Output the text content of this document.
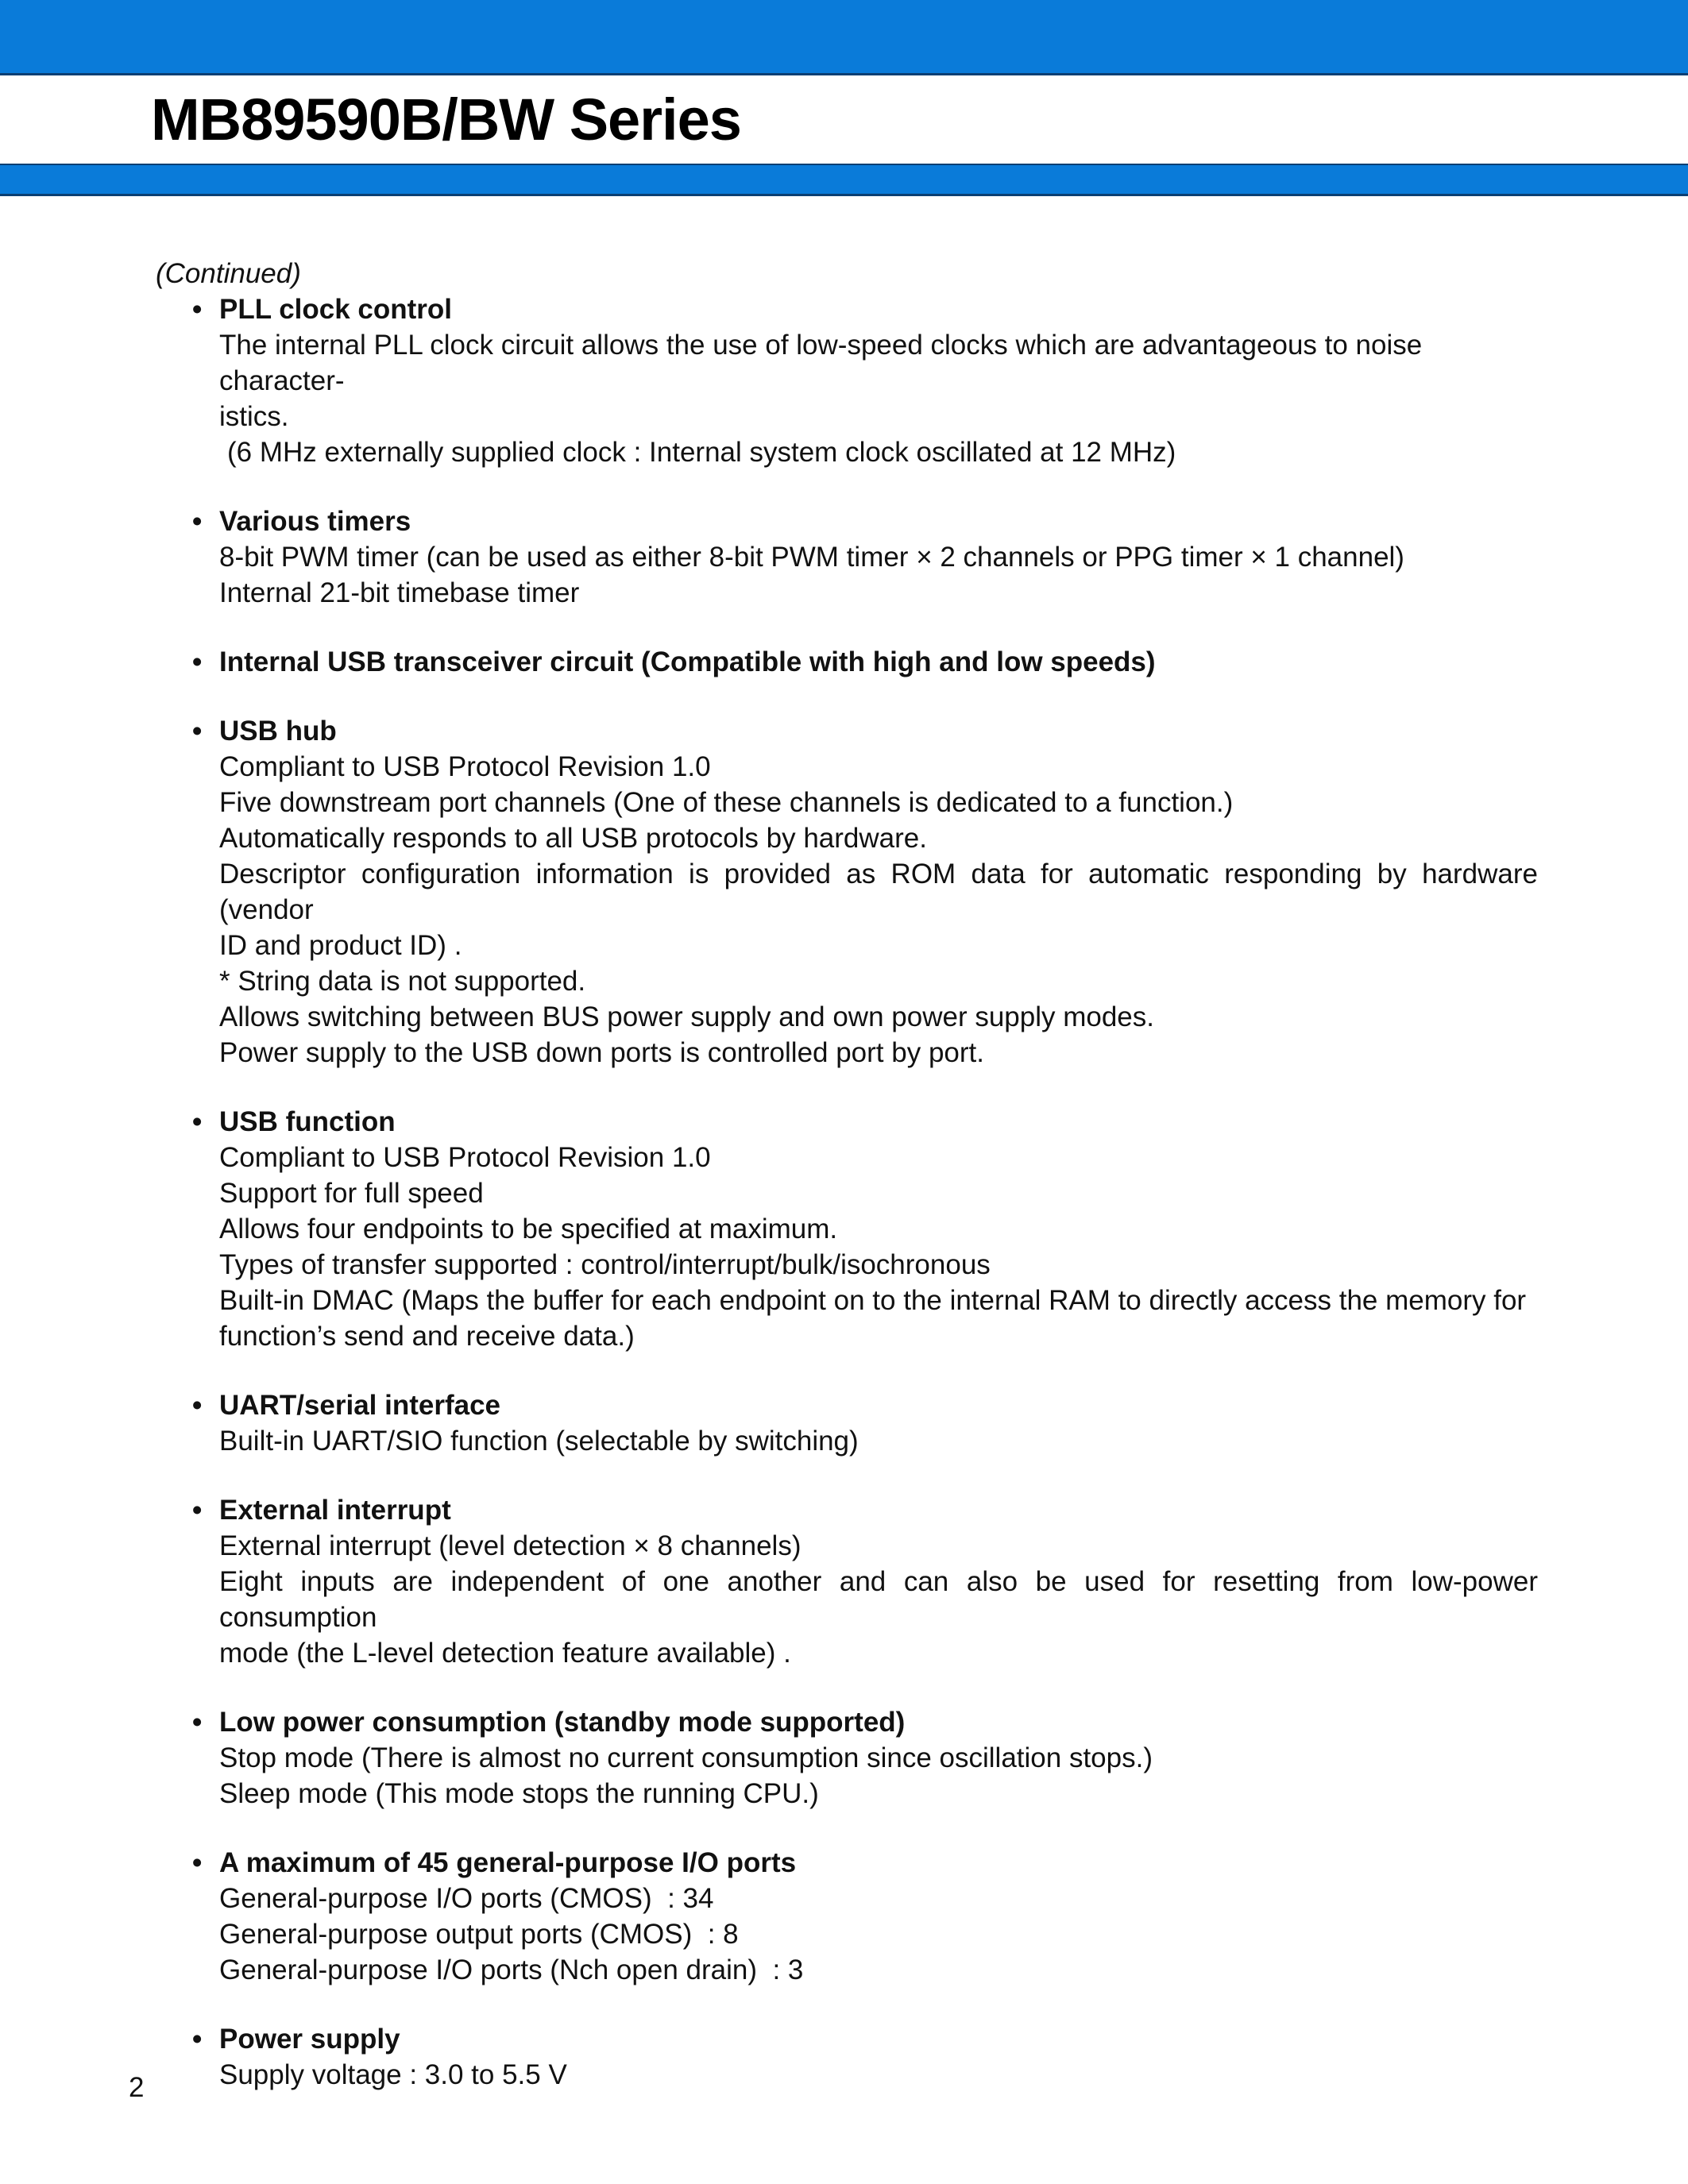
MB89590B/BW Series

(Continued)

• PLL clock control

The internal PLL clock circuit allows the use of low-speed clocks which are advantageous to noise character-

istics.

(6 MHz externally supplied clock : Internal system clock oscillated at 12 MHz)

• Various timers

8-bit PWM timer (can be used as either 8-bit PWM timer × 2 channels or PPG timer × 1 channel)

Internal 21-bit timebase timer

• Internal USB transceiver circuit (Compatible with high and low speeds)

• USB hub

Compliant to USB Protocol Revision 1.0

Five downstream port channels (One of these channels is dedicated to a function.)

Automatically responds to all USB protocols by hardware.

Descriptor configuration information is provided as ROM data for automatic responding by hardware (vendor

ID and product ID) .

* String data is not supported.

Allows switching between BUS power supply and own power supply modes.

Power supply to the USB down ports is controlled port by port.

• USB function

Compliant to USB Protocol Revision 1.0

Support for full speed

Allows four endpoints to be specified at maximum.

Types of transfer supported : control/interrupt/bulk/isochronous

Built-in DMAC (Maps the buffer for each endpoint on to the internal RAM to directly access the memory for

function’s send and receive data.)

• UART/serial interface

Built-in UART/SIO function (selectable by switching)

• External interrupt

External interrupt (level detection × 8 channels)

Eight inputs are independent of one another and can also be used for resetting from low-power consumption

mode (the L-level detection feature available) .

• Low power consumption (standby mode supported)

Stop mode (There is almost no current consumption since oscillation stops.)

Sleep mode (This mode stops the running CPU.)

• A maximum of 45 general-purpose I/O ports

General-purpose I/O ports (CMOS)  : 34

General-purpose output ports (CMOS)  : 8

General-purpose I/O ports (Nch open drain)  : 3

• Power supply

Supply voltage : 3.0 to 5.5 V

2
